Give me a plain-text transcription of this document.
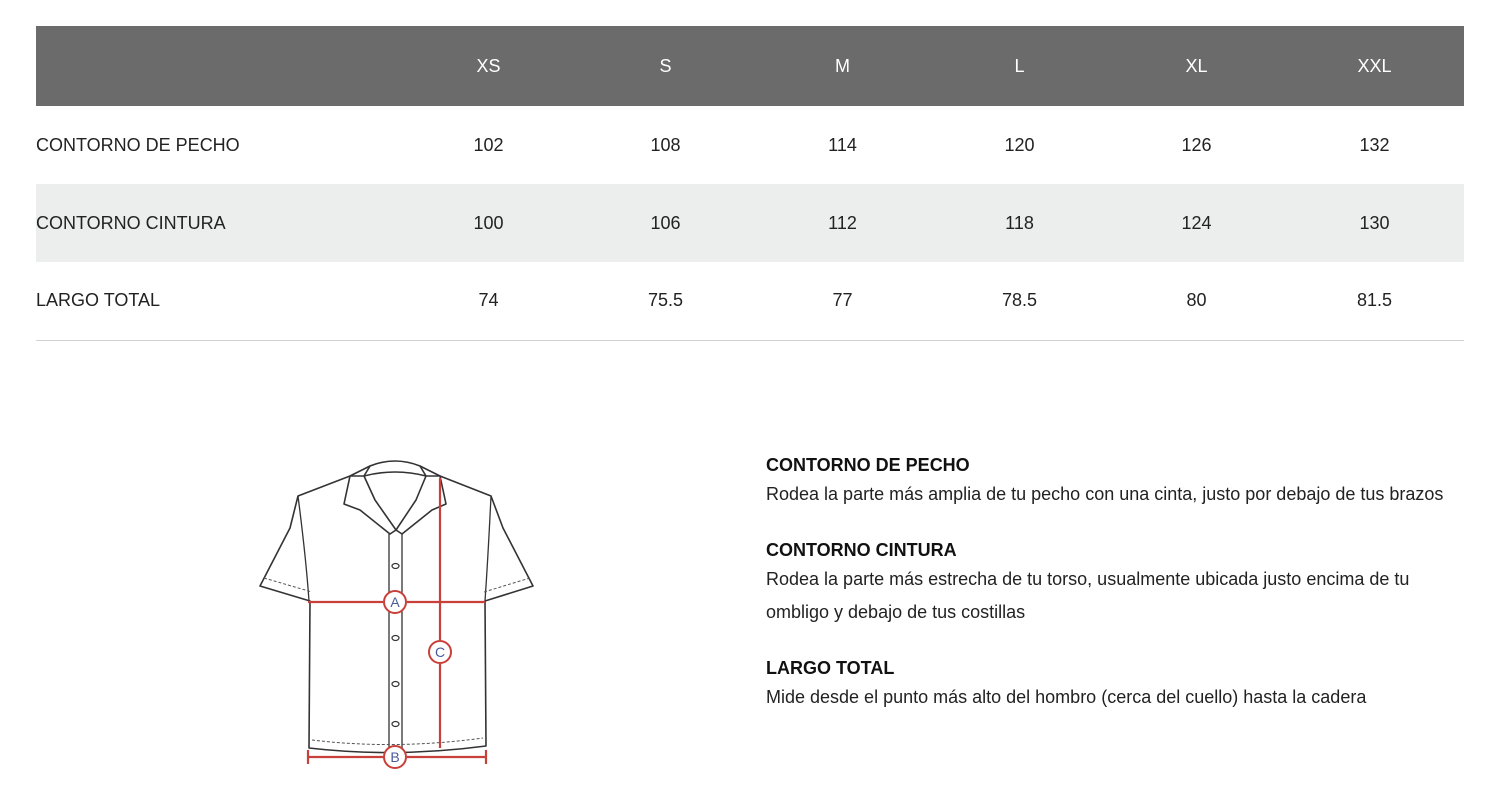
	XS	S	M	L	XL	XXL
CONTORNO DE PECHO	102	108	114	120	126	132
CONTORNO CINTURA	100	106	112	118	124	130
LARGO TOTAL	74	75.5	77	78.5	80	81.5
A
C
B
CONTORNO DE PECHO
Rodea la parte más amplia de tu pecho con una cinta, justo por debajo de tus brazos
CONTORNO CINTURA
Rodea la parte más estrecha de tu torso, usualmente ubicada justo encima de tu ombligo y debajo de tus costillas
LARGO TOTAL
Mide desde el punto más alto del hombro (cerca del cuello) hasta la cadera
